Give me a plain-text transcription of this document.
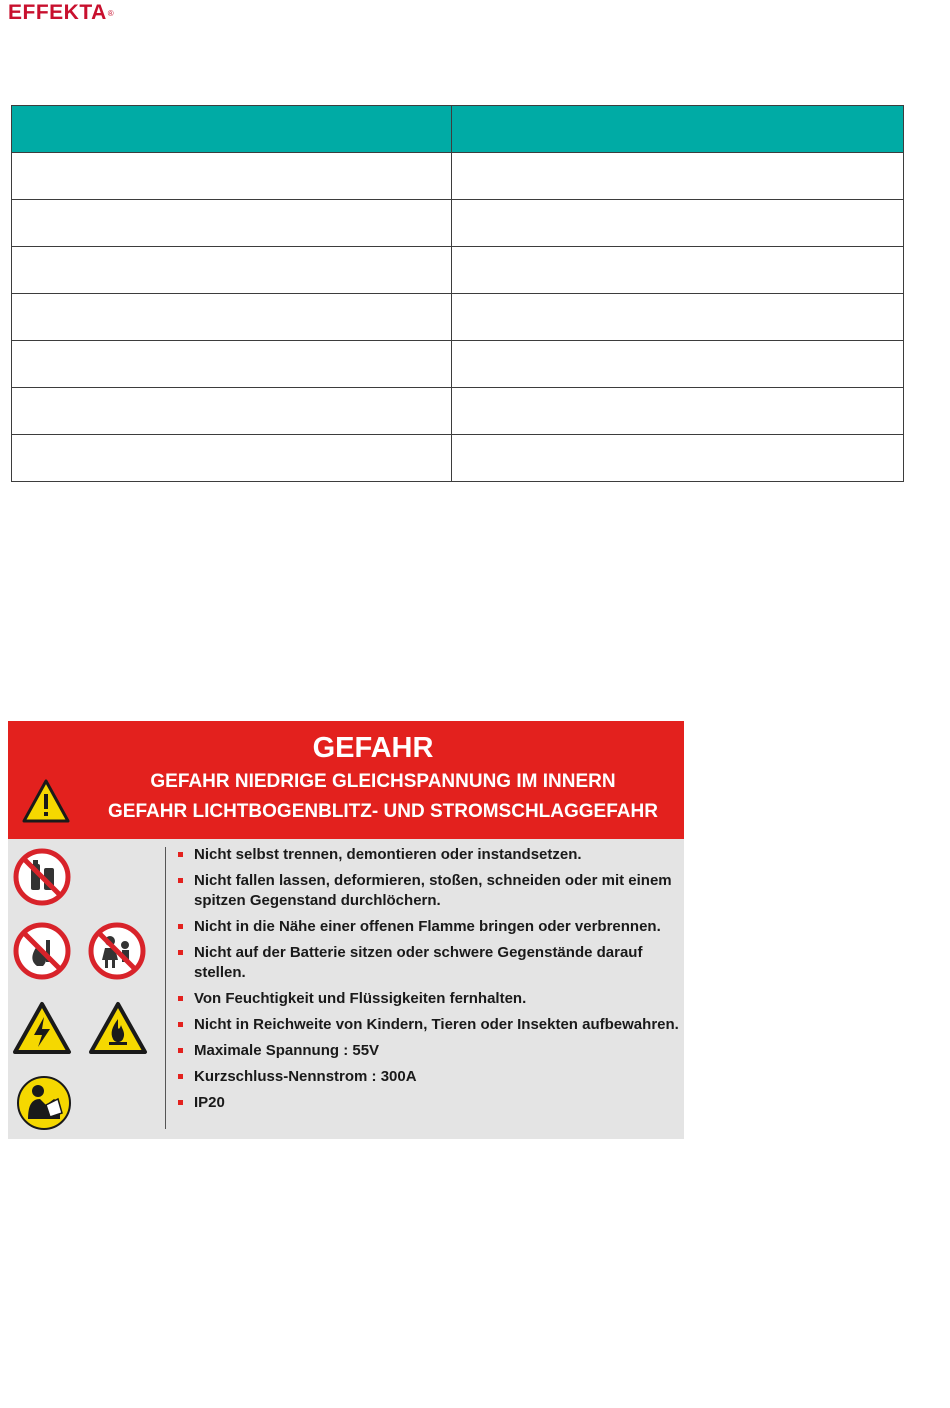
EFFEKTA®

GEFAHR
GEFAHR NIEDRIGE GLEICHSPANNUNG IM INNERN
GEFAHR LICHTBOGENBLITZ- UND STROMSCHLAGGEFAHR
Nicht selbst trennen, demontieren oder instandsetzen.
Nicht fallen lassen, deformieren, stoßen, schneiden oder mit einem spitzen Gegenstand durchlöchern.
Nicht in die Nähe einer offenen Flamme bringen oder verbrennen.
Nicht auf der Batterie sitzen oder schwere Gegenstände darauf stellen.
Von Feuchtigkeit und Flüssigkeiten fernhalten.
Nicht in Reichweite von Kindern, Tieren oder Insekten aufbewahren.
Maximale Spannung : 55V
Kurzschluss-Nennstrom : 300A
IP20
